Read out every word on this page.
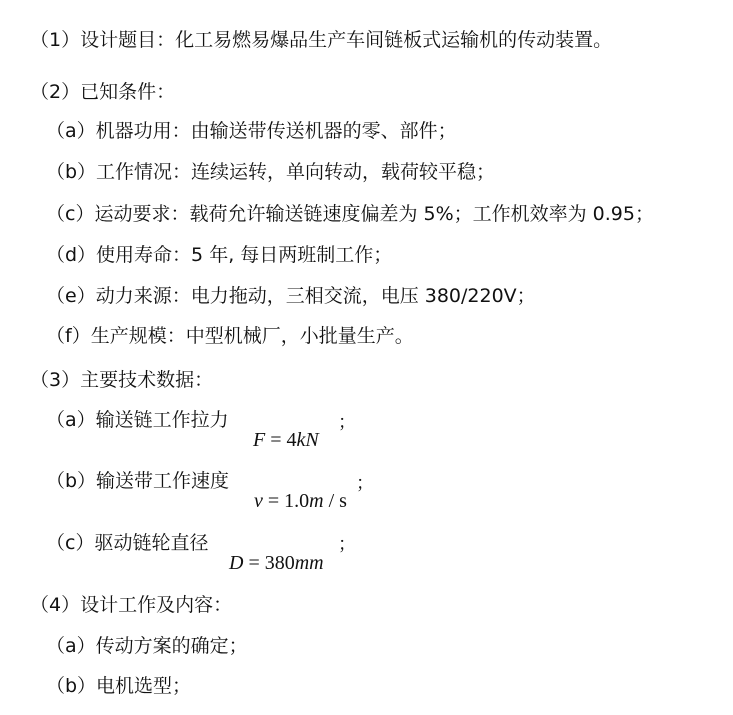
（1）设计题目：化工易燃易爆品生产车间链板式运输机的传动装置。

（2）已知条件：

（a）机器功用：由输送带传送机器的零、部件；

（b）工作情况：连续运转，单向转动，载荷较平稳；

（c）运动要求：载荷允许输送链速度偏差为 5%；工作机效率为 0.95；

（d）使用寿命：5 年, 每日两班制工作；

（e）动力来源：电力拖动，三相交流，电压 380/220V；

（f）生产规模：中型机械厂，小批量生产。

（3）主要技术数据：

（a）输送链工作拉力

F = 4kN
；

（b）输送带工作速度

v = 1.0m / s
；

（c）驱动链轮直径

D = 380mm
；

（4）设计工作及内容：

（a）传动方案的确定；

（b）电机选型；
